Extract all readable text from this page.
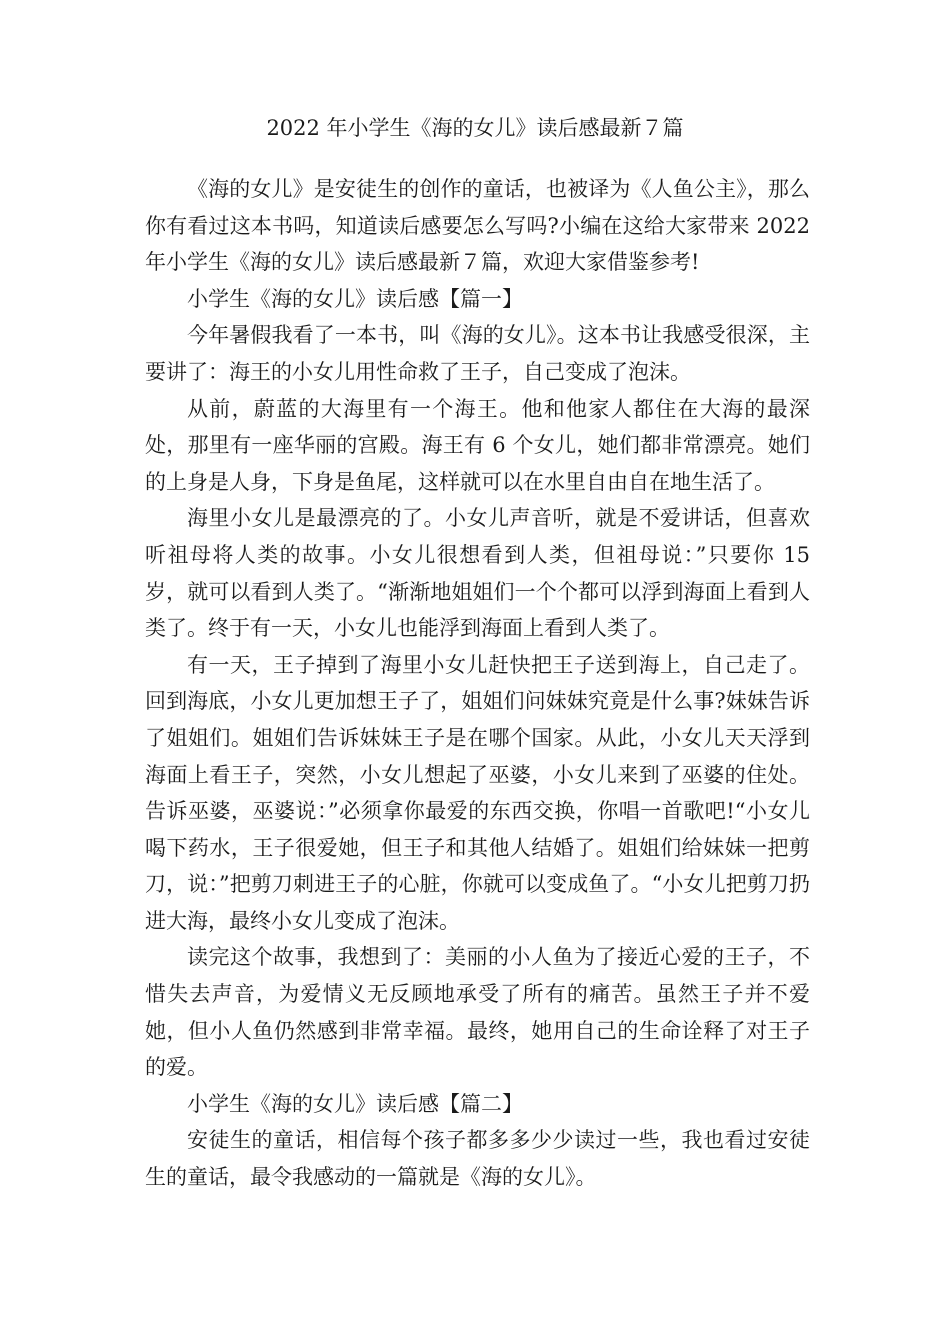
2022 年小学生《海的女儿》读后感最新７篇

《海的女儿》是安徒生的创作的童话，也被译为《人鱼公主》，那么你有看过这本书吗，知道读后感要怎么写吗?小编在这给大家带来 2022 年小学生《海的女儿》读后感最新７篇，欢迎大家借鉴参考!

小学生《海的女儿》读后感【篇一】

今年暑假我看了一本书，叫《海的女儿》。这本书让我感受很深，主要讲了：海王的小女儿用性命救了王子，自己变成了泡沫。

从前，蔚蓝的大海里有一个海王。他和他家人都住在大海的最深处，那里有一座华丽的宫殿。海王有 6 个女儿，她们都非常漂亮。她们的上身是人身，下身是鱼尾，这样就可以在水里自由自在地生活了。

海里小女儿是最漂亮的了。小女儿声音听，就是不爱讲话，但喜欢听祖母将人类的故事。小女儿很想看到人类，但祖母说：”只要你 15 岁，就可以看到人类了。“渐渐地姐姐们一个个都可以浮到海面上看到人类了。终于有一天，小女儿也能浮到海面上看到人类了。

有一天，王子掉到了海里小女儿赶快把王子送到海上，自己走了。回到海底，小女儿更加想王子了，姐姐们问妹妹究竟是什么事?妹妹告诉了姐姐们。姐姐们告诉妹妹王子是在哪个国家。从此，小女儿天天浮到海面上看王子，突然，小女儿想起了巫婆，小女儿来到了巫婆的住处。告诉巫婆，巫婆说：”必须拿你最爱的东西交换，你唱一首歌吧!“小女儿喝下药水，王子很爱她，但王子和其他人结婚了。姐姐们给妹妹一把剪刀，说：”把剪刀刺进王子的心脏，你就可以变成鱼了。“小女儿把剪刀扔进大海，最终小女儿变成了泡沫。

读完这个故事，我想到了：美丽的小人鱼为了接近心爱的王子，不惜失去声音，为爱情义无反顾地承受了所有的痛苦。虽然王子并不爱她，但小人鱼仍然感到非常幸福。最终，她用自己的生命诠释了对王子的爱。

小学生《海的女儿》读后感【篇二】

安徒生的童话，相信每个孩子都多多少少读过一些，我也看过安徒生的童话，最令我感动的一篇就是《海的女儿》。
